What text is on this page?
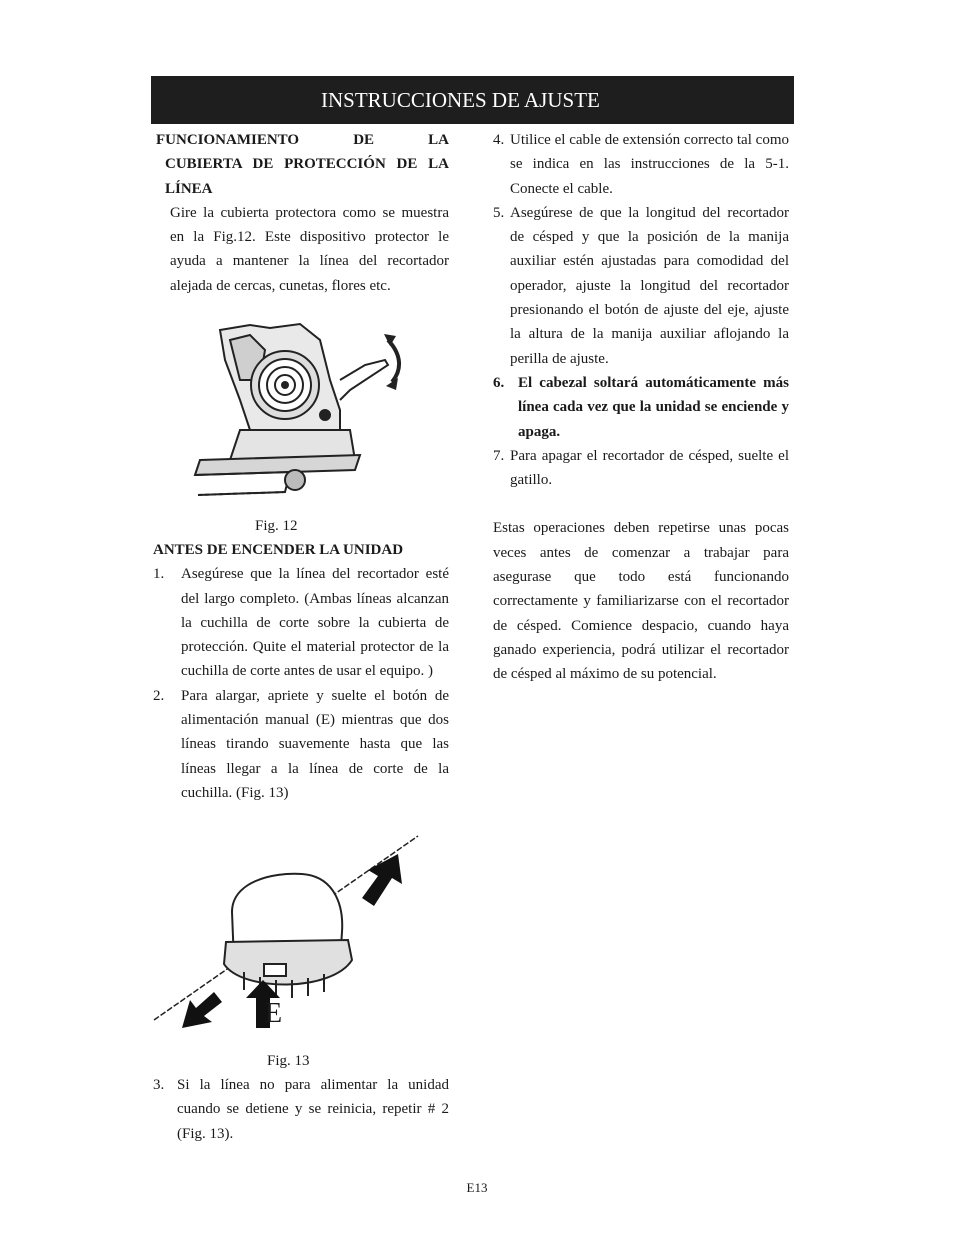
INSTRUCCIONES DE AJUSTE

FUNCIONAMIENTO DE LA

CUBIERTA DE PROTECCIÓN DE LA

LÍNEA

Gire la cubierta protectora como se muestra en la Fig.12. Este dispositivo protector le ayuda a mantener la línea del recortador alejada de cercas, cunetas, flores etc.

Fig. 12

ANTES DE ENCENDER LA UNIDAD

1.	Asegúrese que la línea del recortador esté del largo completo. (Ambas líneas alcanzan la cuchilla de corte sobre la cubierta de protección. Quite el material protector de la cuchilla de corte antes de usar el equipo. )

2.	Para alargar, apriete y suelte el botón de alimentación manual (E) mientras que dos líneas tirando suavemente hasta que las líneas llegar a la línea de corte de la cuchilla. (Fig. 13)

E
Fig. 13
3. Si la línea no para alimentar la unidad cuando se detiene y se reinicia, repetir # 2 (Fig. 13).

4. Utilice el cable de extensión correcto tal como se indica en las instrucciones de la 5-1. Conecte el cable.

5. Asegúrese de que la longitud del recortador de césped y que la posición de la manija auxiliar estén ajustadas para comodidad del operador, ajuste la longitud del recortador presionando el botón de ajuste del eje, ajuste la altura de la manija auxiliar aflojando la perilla de ajuste.

6. El cabezal soltará automáticamente más línea cada vez que la unidad se enciende y apaga.

7. Para apagar el recortador de césped, suelte el gatillo.

Estas operaciones deben repetirse unas pocas veces antes de comenzar a trabajar para asegurase que todo está funcionando correctamente y familiarizarse con el recortador de césped. Comience despacio, cuando haya ganado experiencia, podrá utilizar el recortador de césped al máximo de su potencial.

E13
